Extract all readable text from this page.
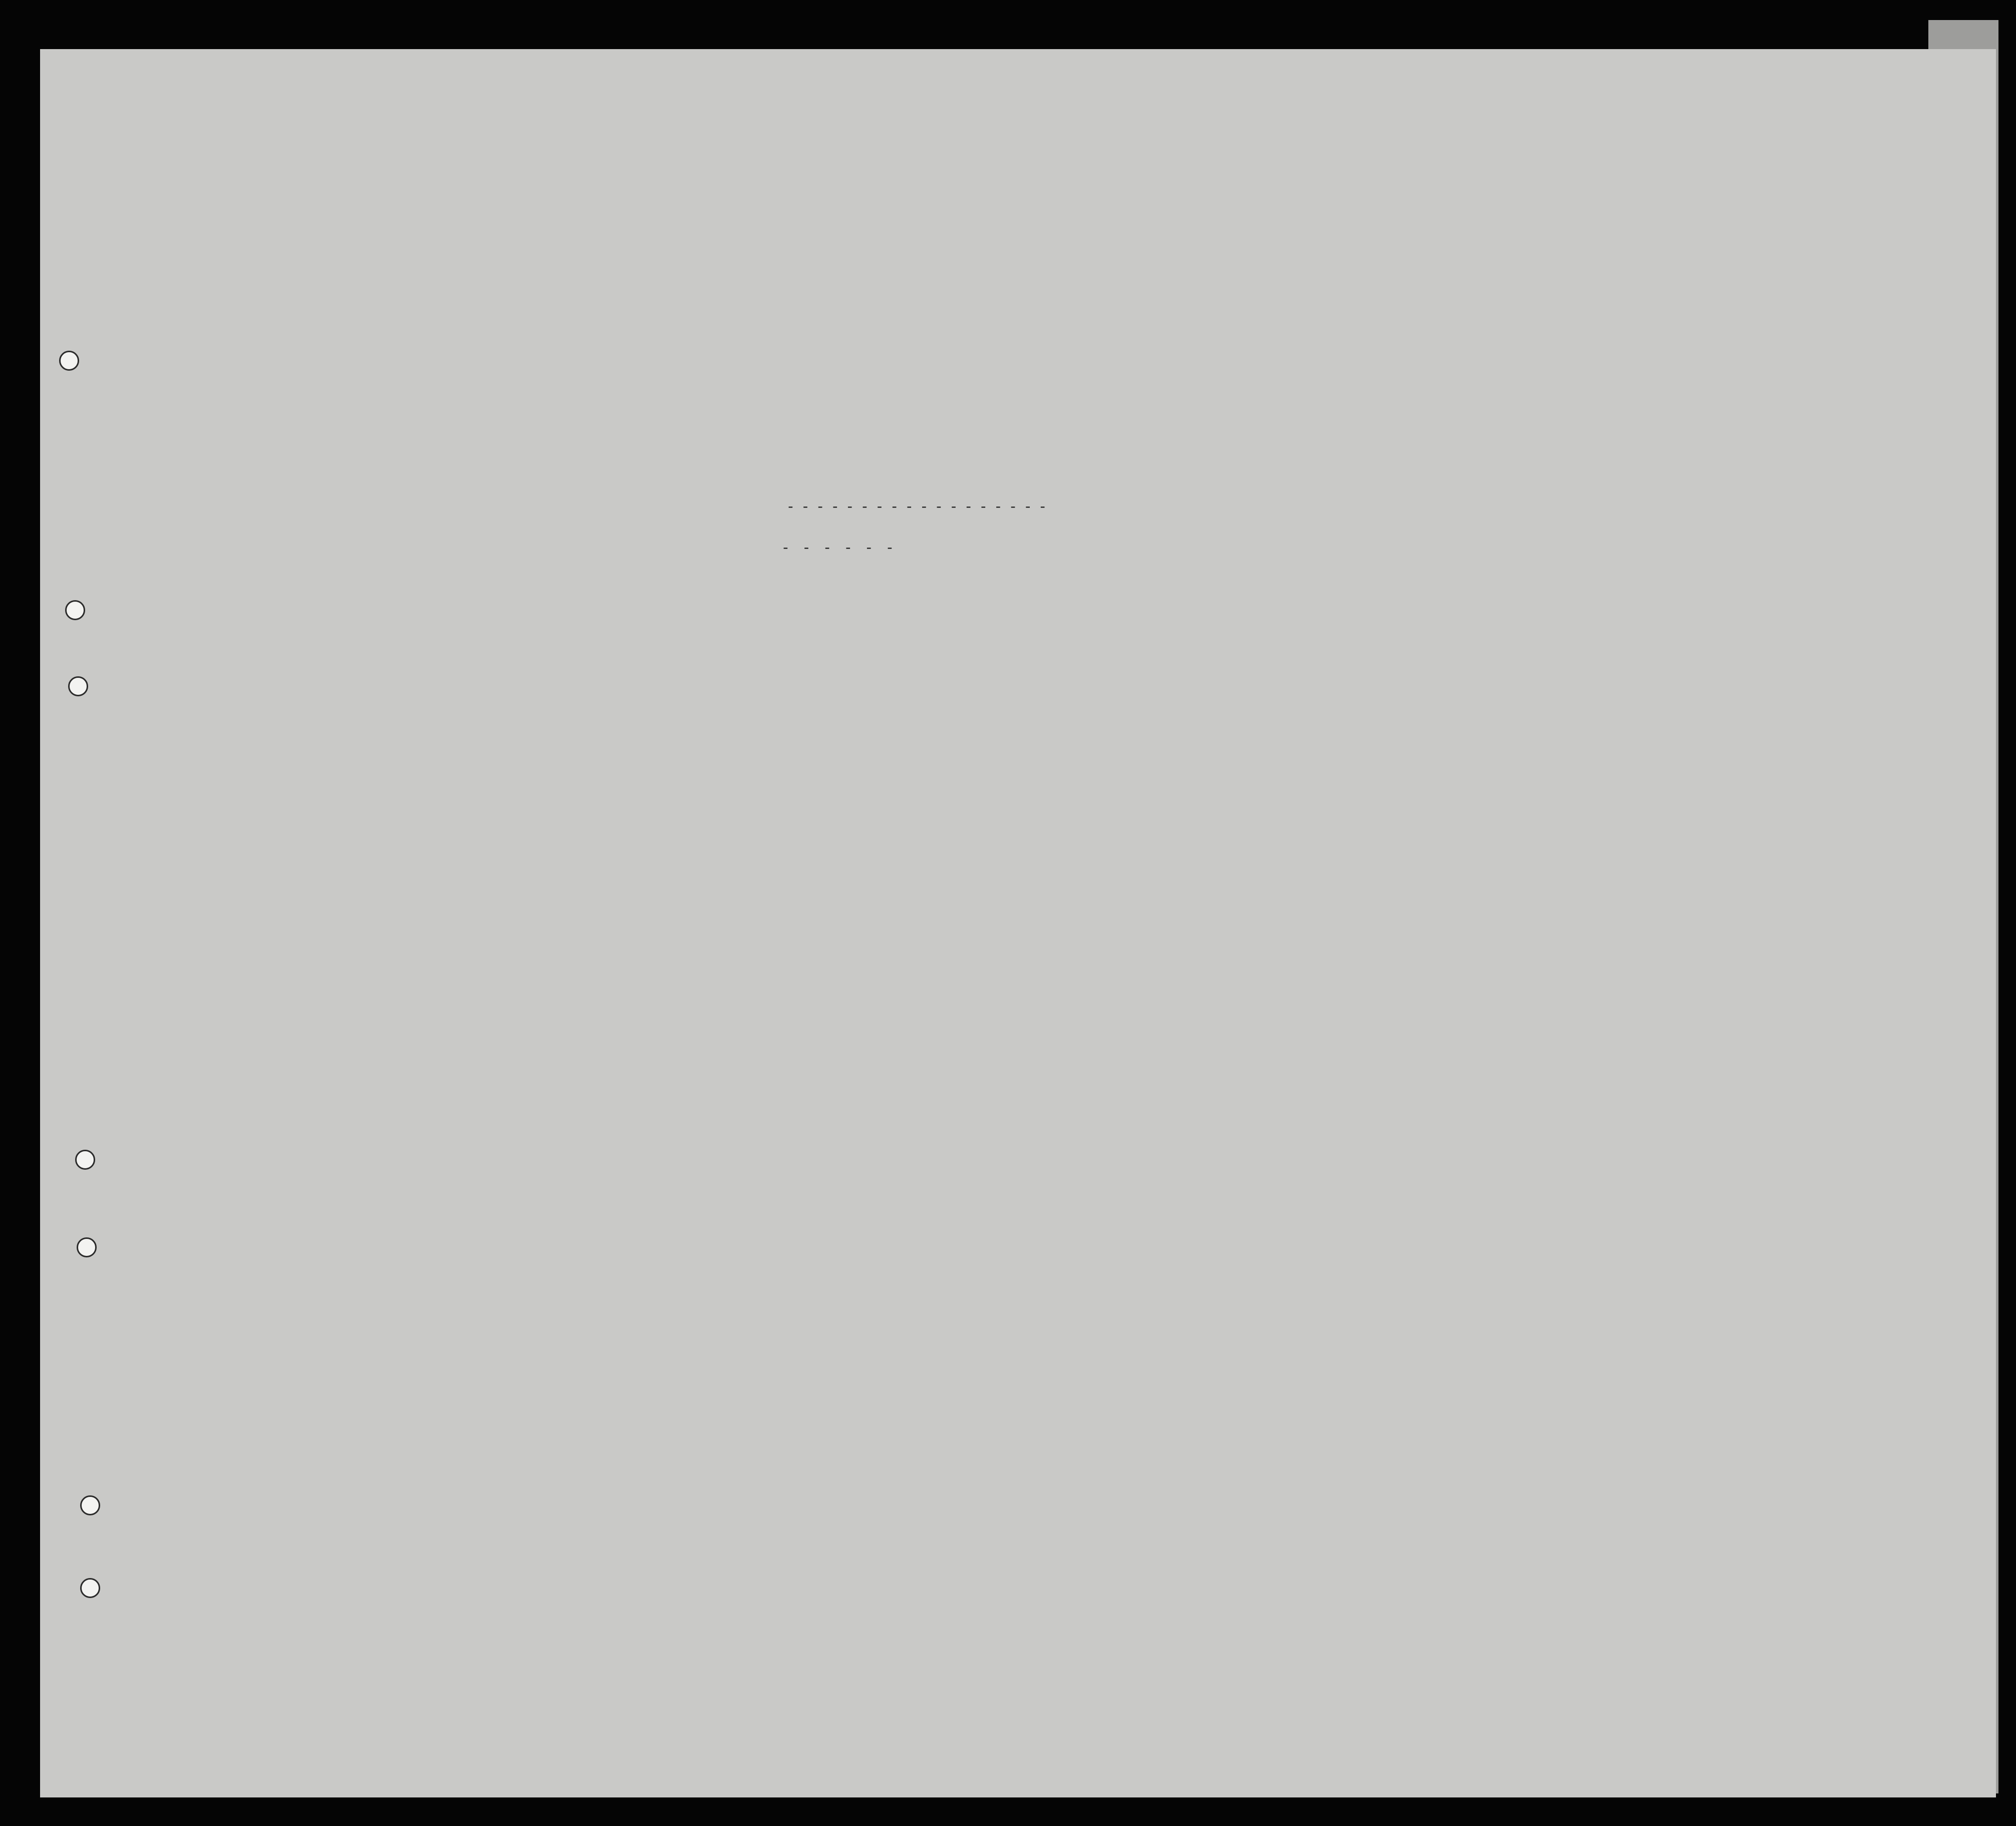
- - - - - - - - - - - - - - - - - -
- - - - - -
